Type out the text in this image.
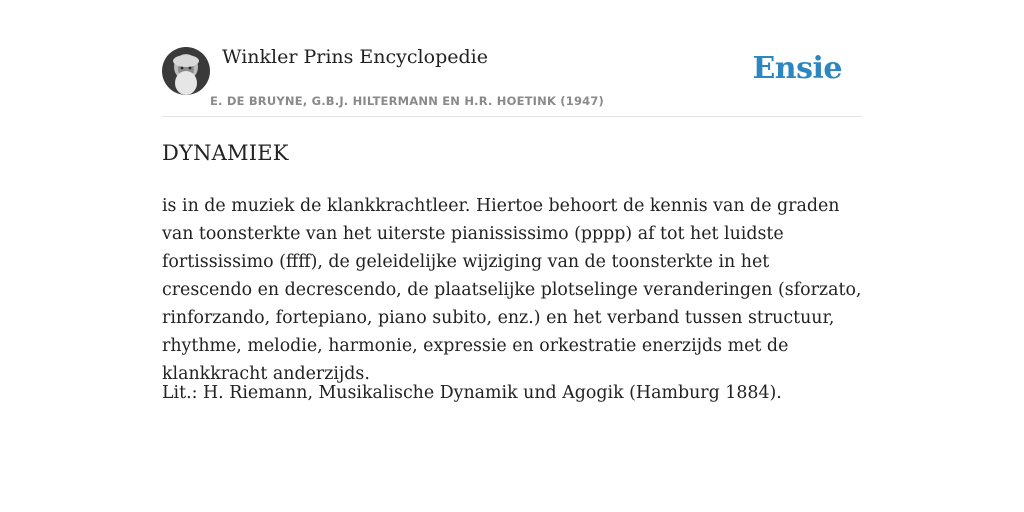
Winkler Prins Encyclopedie
E. DE BRUYNE, G.B.J. HILTERMANN EN H.R. HOETINK (1947)
Ensie
DYNAMIEK

is in de muziek de klankkrachtleer. Hiertoe behoort de kennis van de graden van toonsterkte van het uiterste pianississimo (pppp) af tot het luidste fortississimo (ffff), de geleidelijke wijziging van de toonsterkte in het crescendo en decrescendo, de plaatselijke plotselinge veranderingen (sforzato, rinforzando, fortepiano, piano subito, enz.) en het verband tussen structuur, rhythme, melodie, harmonie, expressie en orkestratie enerzijds met de klankkracht anderzijds.

Lit.: H. Riemann, Musikalische Dynamik und Agogik (Hamburg 1884).
